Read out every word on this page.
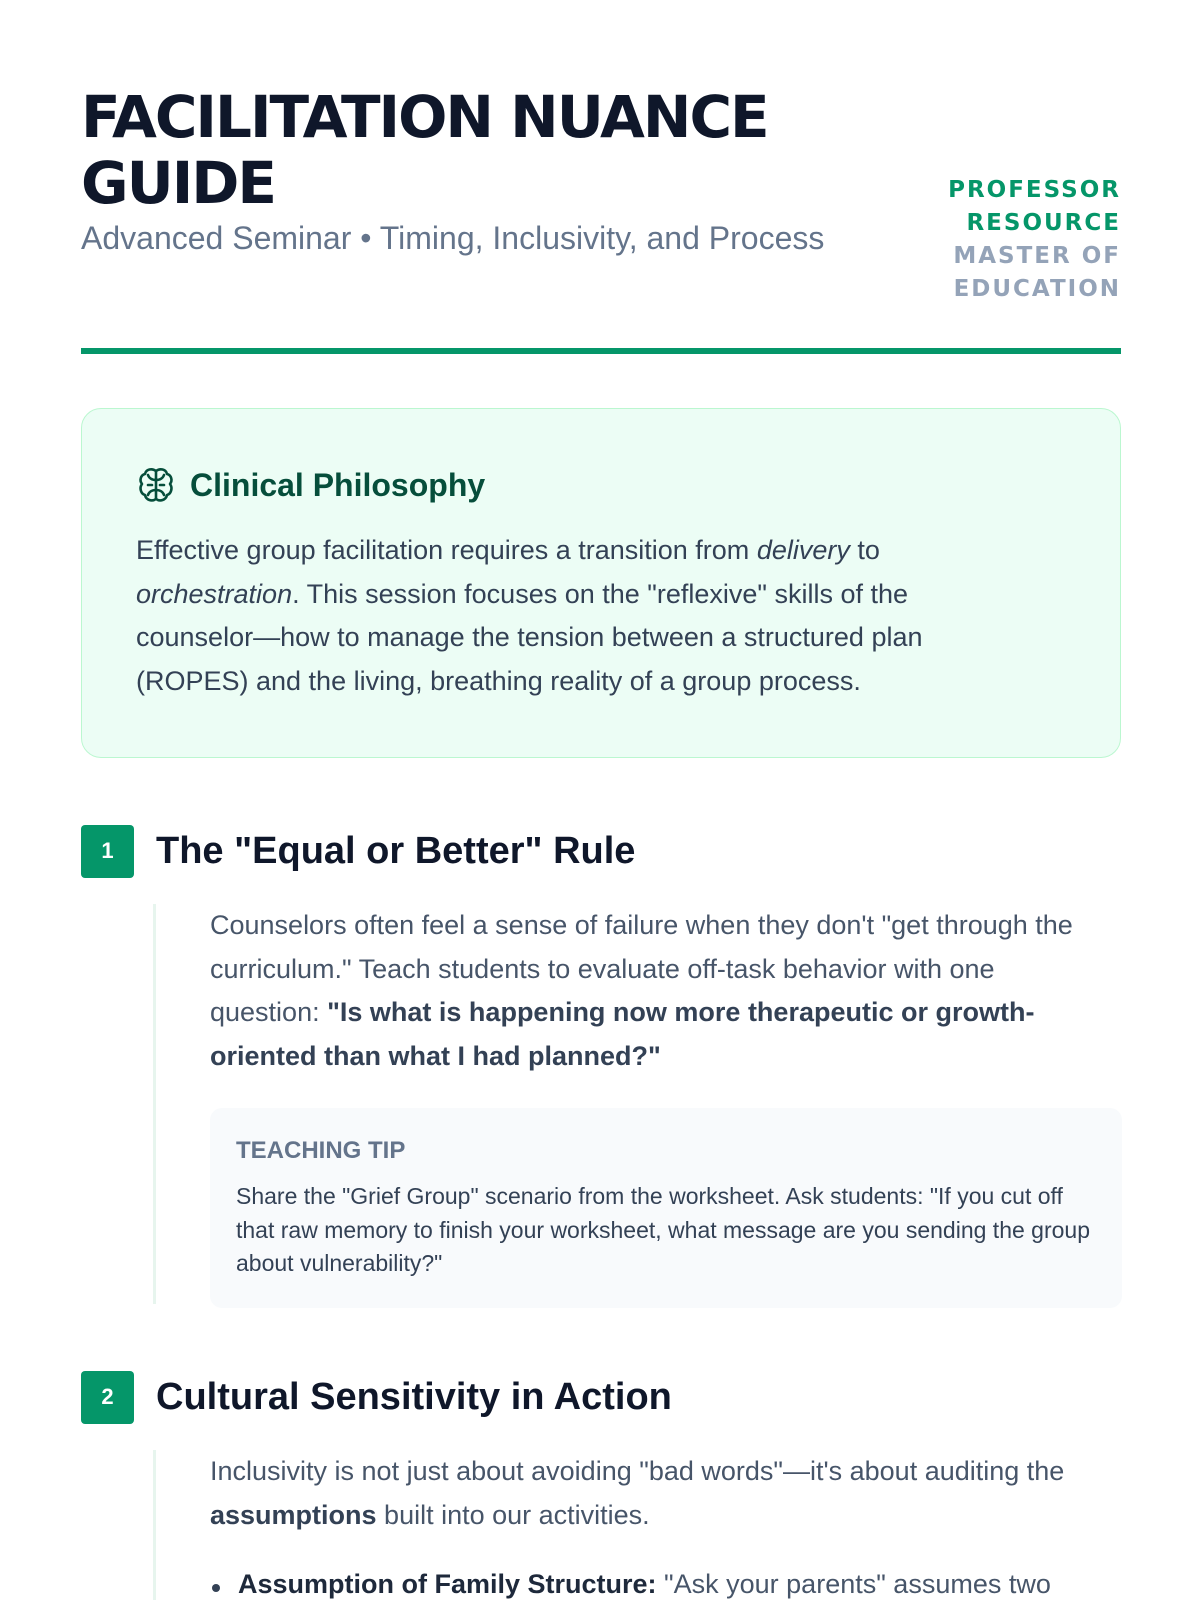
FACILITATION NUANCE GUIDE
Advanced Seminar • Timing, Inclusivity, and Process
PROFESSOR RESOURCE
MASTER OF EDUCATION
Clinical Philosophy

Effective group facilitation requires a transition from delivery to orchestration. This session focuses on the "reflexive" skills of the counselor—how to manage the tension between a structured plan (ROPES) and the living, breathing reality of a group process.

1	The "Equal or Better" Rule

Counselors often feel a sense of failure when they don't "get through the curriculum." Teach students to evaluate off-task behavior with one question: "Is what is happening now more therapeutic or growth-oriented than what I had planned?"

TEACHING TIP
Share the "Grief Group" scenario from the worksheet. Ask students: "If you cut off that raw memory to finish your worksheet, what message are you sending the group about vulnerability?"
2	Cultural Sensitivity in Action

Inclusivity is not just about avoiding "bad words"—it's about auditing the assumptions built into our activities.

Assumption of Family Structure: "Ask your parents" assumes two
